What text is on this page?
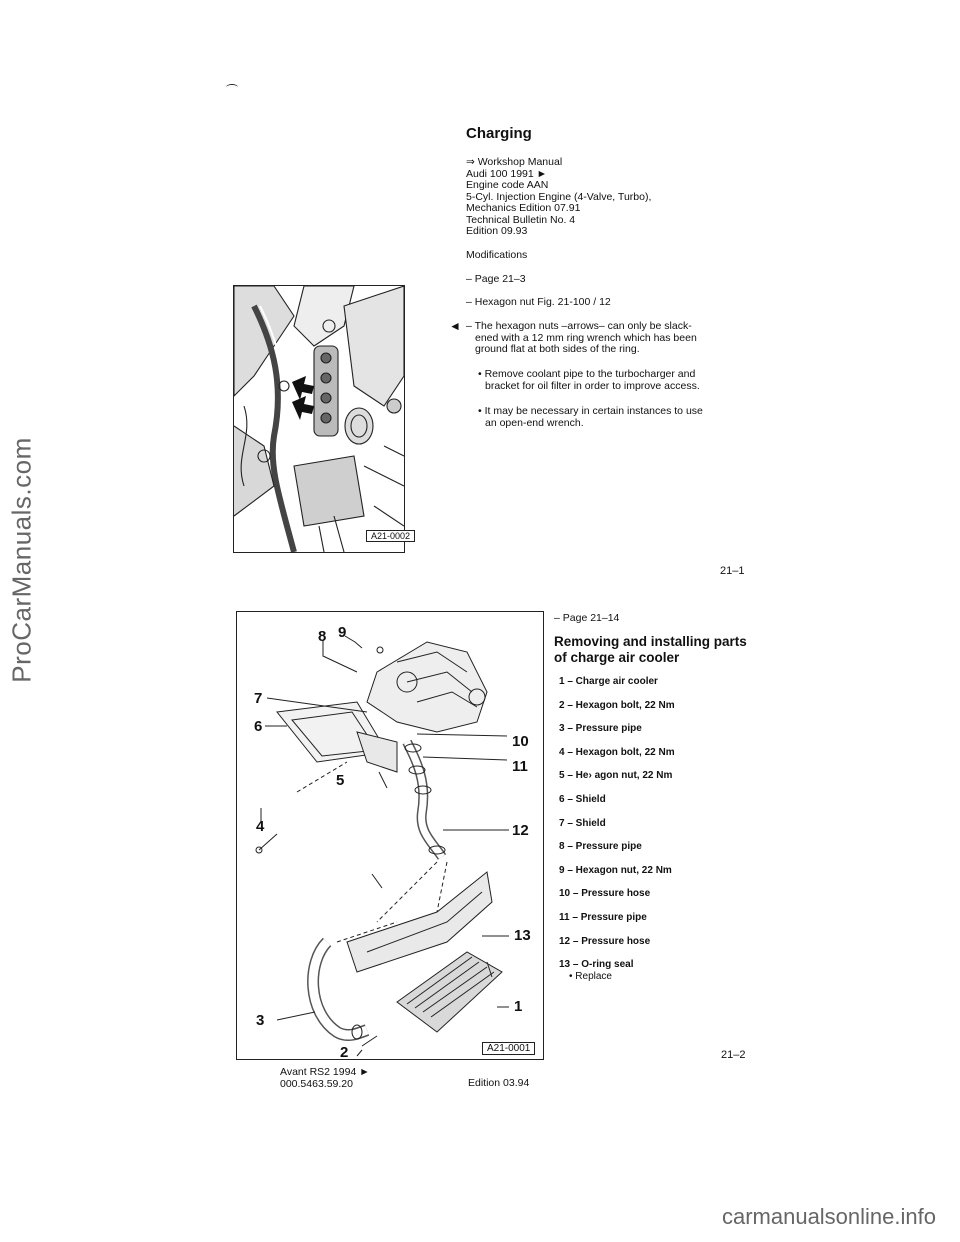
ProCarManuals.com
carmanualsonline.info
Charging
⇒ Workshop Manual
Audi 100 1991 ►
Engine code AAN
5-Cyl. Injection Engine (4-Valve, Turbo),
Mechanics Edition 07.91
Technical Bulletin No. 4
Edition 09.93
Modifications
– Page 21–3
– Hexagon nut Fig. 21-100 / 12
◄ – The hexagon nuts –arrows– can only be slack-
ened with a 12 mm ring wrench which has been
ground flat at both sides of the ring.
• Remove coolant pipe to the turbocharger and
bracket for oil filter in order to improve access.
• It may be necessary in certain instances to use
an open-end wrench.
A21-0002
21–1
8 9
7
6
5
4
10
11
12
13
1
3
2	A21-0001
– Page 21–14
Removing and installing parts
of charge air cooler
1 – Charge air cooler
2 – Hexagon bolt, 22 Nm
3 – Pressure pipe
4 – Hexagon bolt, 22 Nm
5 – He› agon nut, 22 Nm
6 – Shield
7 – Shield
8 – Pressure pipe
9 – Hexagon nut, 22 Nm
10 – Pressure hose
11 – Pressure pipe
12 – Pressure hose
13 – O-ring seal
• Replace
21–2
Avant RS2 1994 ►
000.5463.59.20	Edition 03.94
